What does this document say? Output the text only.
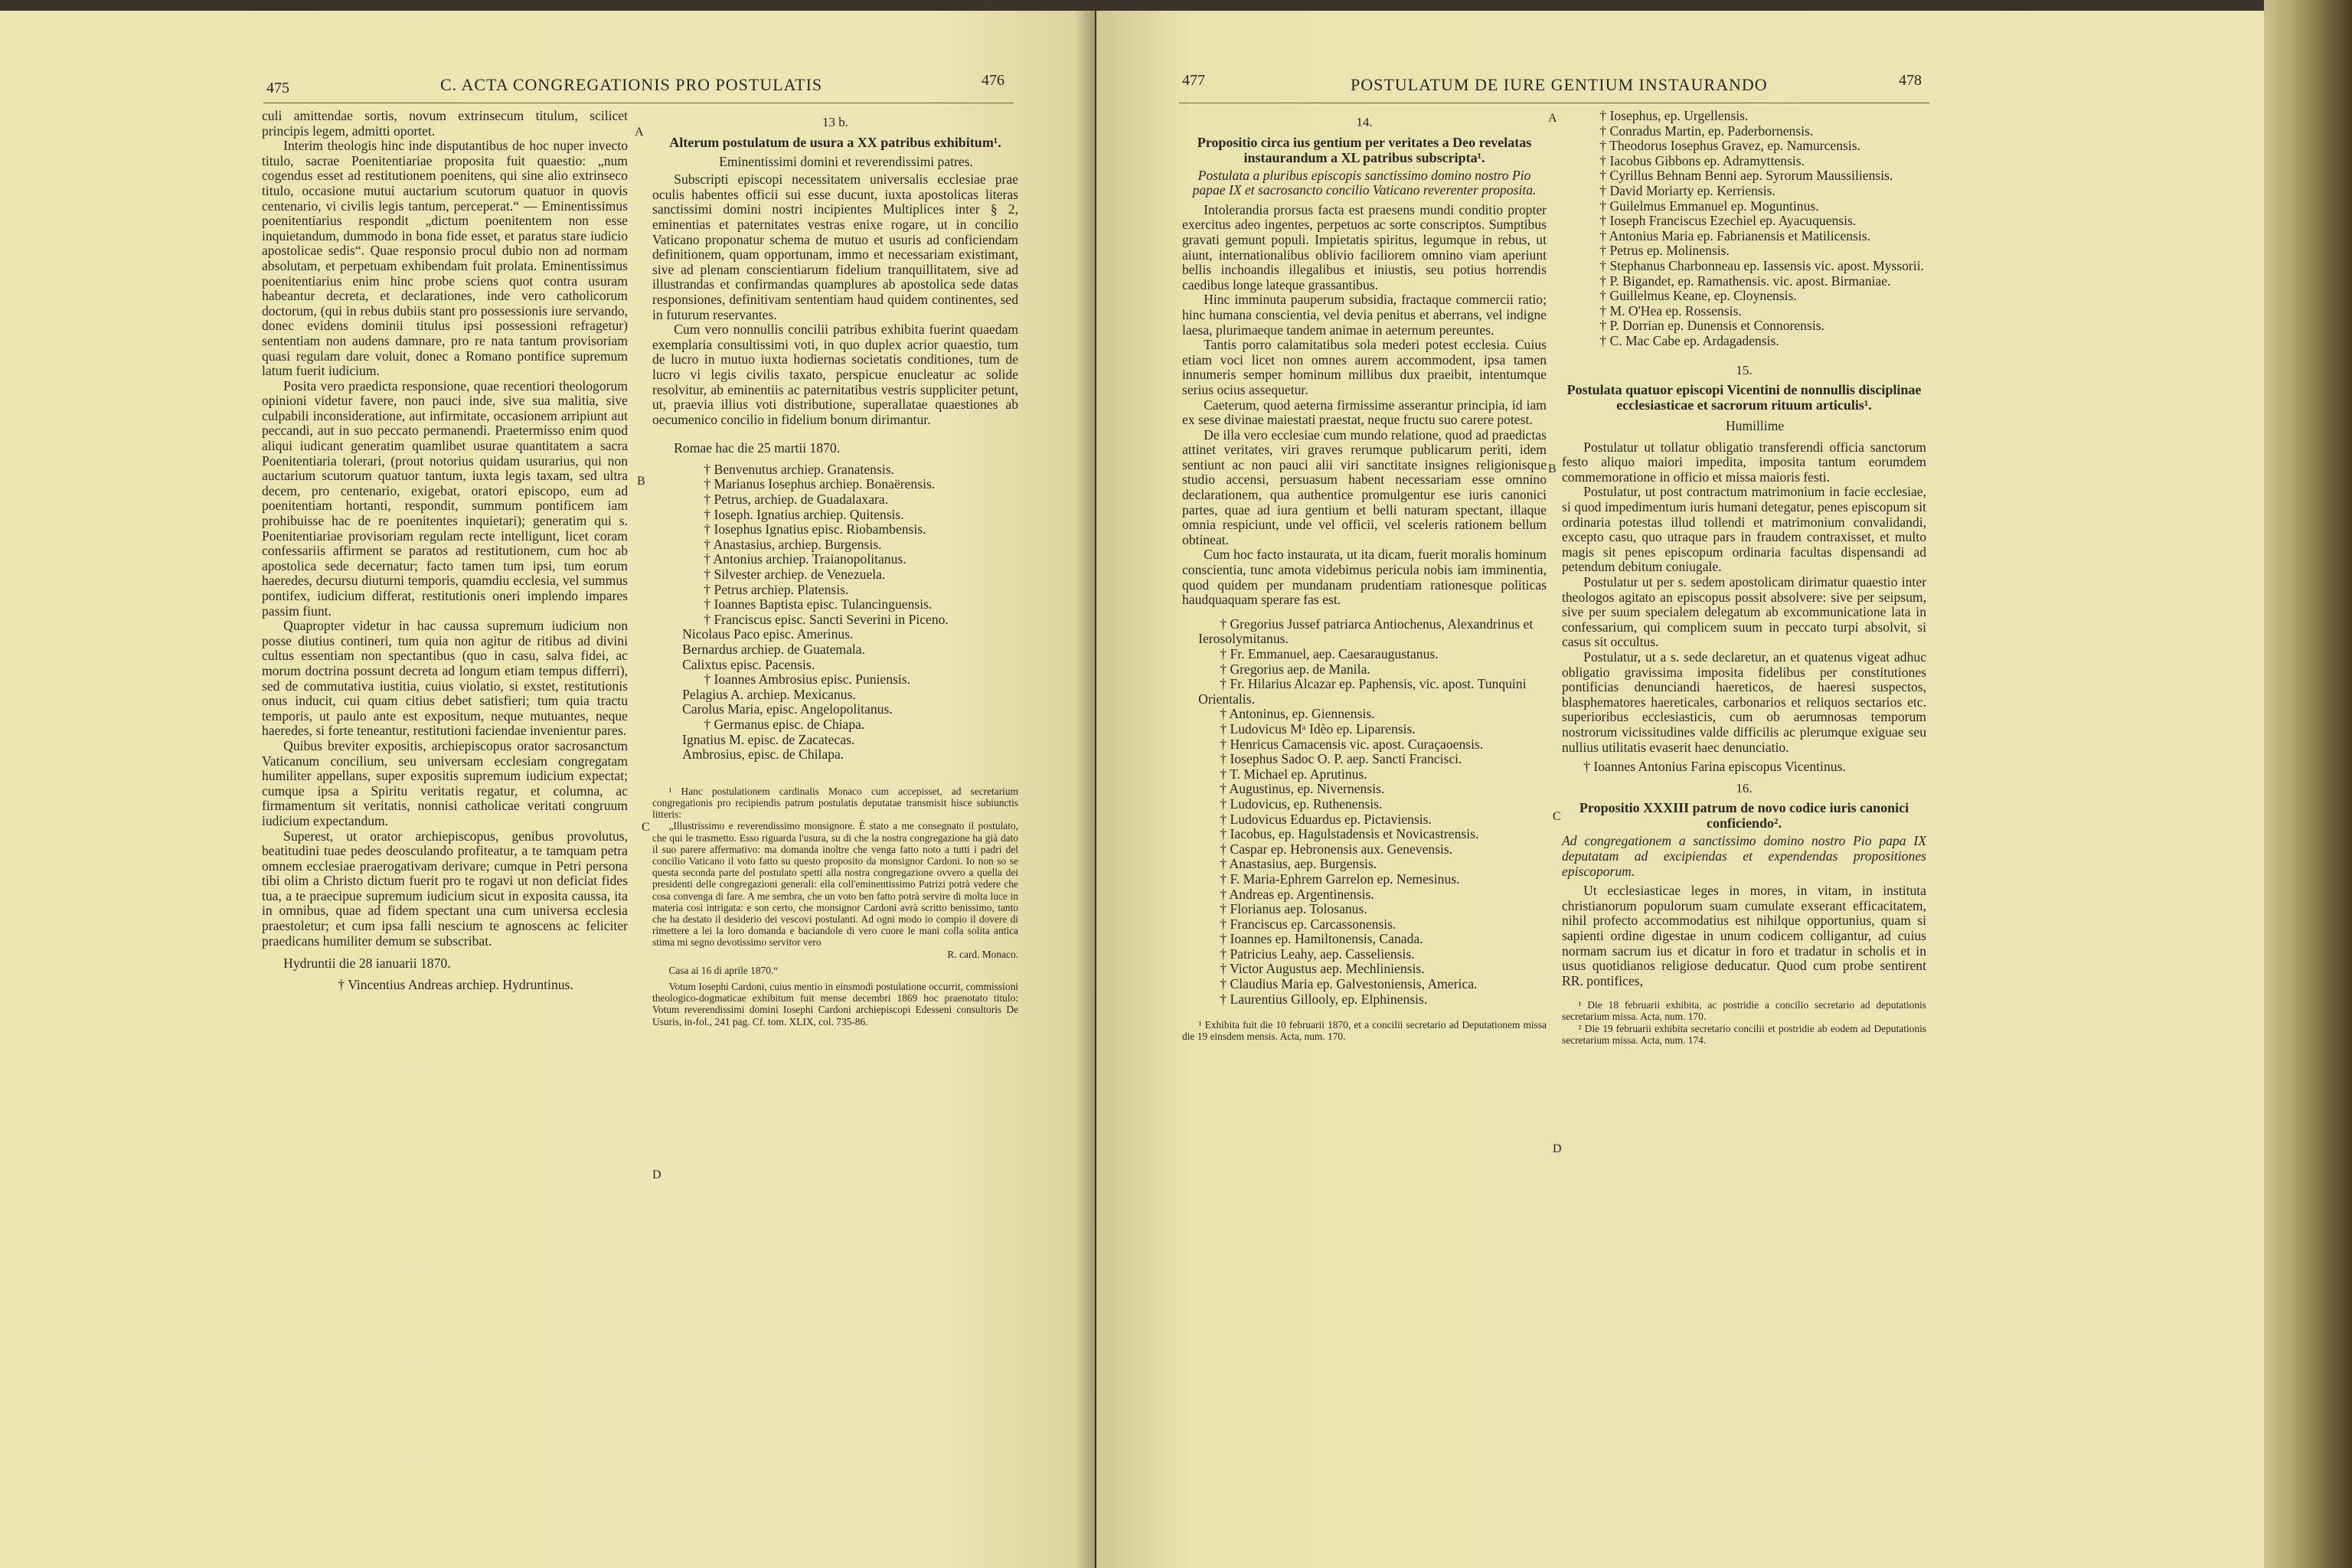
475	C. ACTA CONGREGATIONIS PRO POSTULATIS	476
A
B
C
D

culi amittendae sortis, novum extrinsecum titulum, scilicet principis legem, admitti oportet.

Interim theologis hinc inde disputantibus de hoc nuper invecto titulo, sacrae Poenitentiariae proposita fuit quaestio: „num cogendus esset ad restitutionem poenitens, qui sine alio extrinseco titulo, occasione mutui auctarium scutorum quatuor in quovis centenario, vi civilis legis tantum, perceperat.“ — Eminentissimus poenitentiarius respondit „dictum poenitentem non esse inquietandum, dummodo in bona fide esset, et paratus stare iudicio apostolicae sedis“. Quae responsio procul dubio non ad normam absolutam, et perpetuam exhibendam fuit prolata. Eminentissimus poenitentiarius enim hinc probe sciens quot contra usuram habeantur decreta, et declarationes, inde vero catholicorum doctorum, (qui in rebus dubiis stant pro possessionis iure servando, donec evidens dominii titulus ipsi possessioni refragetur) sententiam non audens damnare, pro re nata tantum provisoriam quasi regulam dare voluit, donec a Romano pontifice supremum latum fuerit iudicium.

Posita vero praedicta responsione, quae recentiori theologorum opinioni videtur favere, non pauci inde, sive sua malitia, sive culpabili inconsideratione, aut infirmitate, occasionem arripiunt aut peccandi, aut in suo peccato permanendi. Praetermisso enim quod aliqui iudicant generatim quamlibet usurae quantitatem a sacra Poenitentiaria tolerari, (prout notorius quidam usurarius, qui non auctarium scutorum quatuor tantum, iuxta legis taxam, sed ultra decem, pro centenario, exigebat, oratori episcopo, eum ad poenitentiam hortanti, respondit, summum pontificem iam prohibuisse hac de re poenitentes inquietari); generatim qui s. Poenitentiariae provisoriam regulam recte intelligunt, licet coram confessariis affirment se paratos ad restitutionem, cum hoc ab apostolica sede decernatur; facto tamen tum ipsi, tum eorum haeredes, decursu diuturni temporis, quamdiu ecclesia, vel summus pontifex, iudicium differat, restitutionis oneri implendo impares passim fiunt.

Quapropter videtur in hac caussa supremum iudicium non posse diutius contineri, tum quia non agitur de ritibus ad divini cultus essentiam non spectantibus (quo in casu, salva fidei, ac morum doctrina possunt decreta ad longum etiam tempus differri), sed de commutativa iustitia, cuius violatio, si exstet, restitutionis onus inducit, cui quam citius debet satisfieri; tum quia tractu temporis, ut paulo ante est expositum, neque mutuantes, neque haeredes, si forte teneantur, restitutioni faciendae invenientur pares.

Quibus breviter expositis, archiepiscopus orator sacrosanctum Vaticanum concilium, seu universam ecclesiam congregatam humiliter appellans, super expositis supremum iudicium expectat; cumque ipsa a Spiritu veritatis regatur, et columna, ac firmamentum sit veritatis, nonnisi catholicae veritati congruum iudicium expectandum.

Superest, ut orator archiepiscopus, genibus provolutus, beatitudini tuae pedes deosculando profiteatur, a te tamquam petra omnem ecclesiae praerogativam derivare; cumque in Petri persona tibi olim a Christo dictum fuerit pro te rogavi ut non deficiat fides tua, a te praecipue supremum iudicium sicut in exposita caussa, ita in omnibus, quae ad fidem spectant una cum universa ecclesia praestoletur; et cum ipsa falli nescium te agnoscens ac feliciter praedicans humiliter demum se subscribat.

Hydruntii die 28 ianuarii 1870.

† Vincentius Andreas archiep. Hydruntinus.

13 b.
Alterum postulatum de usura a XX patribus exhibitum¹.

Eminentissimi domini et reverendissimi patres.

Subscripti episcopi necessitatem universalis ecclesiae prae oculis habentes officii sui esse ducunt, iuxta apostolicas literas sanctissimi domini nostri incipientes Multiplices inter § 2, eminentias et paternitates vestras enixe rogare, ut in concilio Vaticano proponatur schema de mutuo et usuris ad conficiendam definitionem, quam opportunam, immo et necessariam existimant, sive ad plenam conscientiarum fidelium tranquillitatem, sive ad illustrandas et confirmandas quamplures ab apostolica sede datas responsiones, definitivam sententiam haud quidem continentes, sed in futurum reservantes.

Cum vero nonnullis concilii patribus exhibita fuerint quaedam exemplaria consultissimi voti, in quo duplex acrior quaestio, tum de lucro in mutuo iuxta hodiernas societatis conditiones, tum de lucro vi legis civilis taxato, perspicue enucleatur ac solide resolvitur, ab eminentiis ac paternitatibus vestris suppliciter petunt, ut, praevia illius voti distributione, superallatae quaestiones ab oecumenico concilio in fidelium bonum dirimantur.

Romae hac die 25 martii 1870.

† Benvenutus archiep. Granatensis.

† Marianus Iosephus archiep. Bonaërensis.

† Petrus, archiep. de Guadalaxara.

† Ioseph. Ignatius archiep. Quitensis.

† Iosephus Ignatius episc. Riobambensis.

† Anastasius, archiep. Burgensis.

† Antonius archiep. Traianopolitanus.

† Silvester archiep. de Venezuela.

† Petrus archiep. Platensis.

† Ioannes Baptista episc. Tulancinguensis.

† Franciscus episc. Sancti Severini in Piceno.

Nicolaus Paco episc. Amerinus.

Bernardus archiep. de Guatemala.

Calixtus episc. Pacensis.

† Ioannes Ambrosius episc. Puniensis.

Pelagius A. archiep. Mexicanus.

Carolus Maria, episc. Angelopolitanus.

† Germanus episc. de Chiapa.

Ignatius M. episc. de Zacatecas.

Ambrosius, episc. de Chilapa.

¹ Hanc postulationem cardinalis Monaco cum accepisset, ad secretarium congregationis pro recipiendis patrum postulatis deputatae transmisit hisce subiunctis litteris:

„Illustrissimo e reverendissimo monsignore. È stato a me consegnato il postulato, che qui le trasmetto. Esso riguarda l'usura, su di che la nostra congregazione ha già dato il suo parere affermativo: ma domanda inoltre che venga fatto noto a tutti i padri del concilio Vaticano il voto fatto su questo proposito da monsignor Cardoni. Io non so se questa seconda parte del postulato spetti alla nostra congregazione ovvero a quella dei presidenti delle congregazioni generali: ella coll'eminentissimo Patrizi potrà vedere che cosa convenga di fare. A me sembra, che un voto ben fatto potrà servire di molta luce in materia così intrigata: e son certo, che monsignor Cardoni avrà scritto benissimo, tanto che ha destato il desiderio dei vescovi postulanti. Ad ogni modo io compio il dovere di rimettere a lei la loro domanda e baciandole di vero cuore le mani colla solita antica stima mi segno devotissimo servitor vero

R. card. Monaco.

Casa ai 16 di aprile 1870.“

Votum Iosephi Cardoni, cuius mentio in einsmodi postulatione occurrit, commissioni theologico-dogmaticae exhibitum fuit mense decembri 1869 hoc praenotato titulo: Votum reverendissimi domini Iosephi Cardoni archiepiscopi Edesseni consultoris De Usuris, in-fol., 241 pag. Cf. tom. XLIX, col. 735-86.

477	POSTULATUM DE IURE GENTIUM INSTAURANDO	478
A
B
C
D
14.
Propositio circa ius gentium per veritates a Deo revelatas instaurandum a XL patribus subscripta¹.
Postulata a pluribus episcopis sanctissimo domino nostro Pio papae IX et sacrosancto concilio Vaticano reverenter proposita.

Intolerandia prorsus facta est praesens mundi conditio propter exercitus adeo ingentes, perpetuos ac sorte conscriptos. Sumptibus gravati gemunt populi. Impietatis spiritus, legumque in rebus, ut aiunt, internationalibus oblivio faciliorem omnino viam aperiunt bellis inchoandis illegalibus et iniustis, seu potius horrendis caedibus longe lateque grassantibus.

Hinc imminuta pauperum subsidia, fractaque commercii ratio; hinc humana conscientia, vel devia penitus et aberrans, vel indigne laesa, plurimaeque tandem animae in aeternum pereuntes.

Tantis porro calamitatibus sola mederi potest ecclesia. Cuius etiam voci licet non omnes aurem accommodent, ipsa tamen innumeris semper hominum millibus dux praeibit, intentumque serius ocius assequetur.

Caeterum, quod aeterna firmissime asserantur principia, id iam ex sese divinae maiestati praestat, neque fructu suo carere potest.

De illa vero ecclesiae cum mundo relatione, quod ad praedictas attinet veritates, viri graves rerumque publicarum periti, idem sentiunt ac non pauci alii viri sanctitate insignes religionisque studio accensi, persuasum habent necessariam esse omnino declarationem, qua authentice promulgentur ese iuris canonici partes, quae ad iura gentium et belli naturam spectant, illaque omnia respiciunt, unde vel officii, vel sceleris rationem bellum obtineat.

Cum hoc facto instaurata, ut ita dicam, fuerit moralis hominum conscientia, tunc amota videbimus pericula nobis iam imminentia, quod quidem per mundanam prudentiam rationesque politicas haudquaquam sperare fas est.

† Gregorius Jussef patriarca Antiochenus, Alexandrinus et Ierosolymitanus.

† Fr. Emmanuel, aep. Caesaraugustanus.

† Gregorius aep. de Manila.

† Fr. Hilarius Alcazar ep. Paphensis, vic. apost. Tunquini Orientalis.

† Antoninus, ep. Giennensis.

† Ludovicus Mᵃ Idèo ep. Liparensis.

† Henricus Camacensis vic. apost. Curaçaoensis.

† Iosephus Sadoc O. P. aep. Sancti Francisci.

† T. Michael ep. Aprutinus.

† Augustinus, ep. Nivernensis.

† Ludovicus, ep. Ruthenensis.

† Ludovicus Eduardus ep. Pictaviensis.

† Iacobus, ep. Hagulstadensis et Novicastrensis.

† Caspar ep. Hebronensis aux. Genevensis.

† Anastasius, aep. Burgensis.

† F. Maria-Ephrem Garrelon ep. Nemesinus.

† Andreas ep. Argentinensis.

† Florianus aep. Tolosanus.

† Franciscus ep. Carcassonensis.

† Ioannes ep. Hamiltonensis, Canada.

† Patricius Leahy, aep. Casseliensis.

† Victor Augustus aep. Mechliniensis.

† Claudius Maria ep. Galvestoniensis, America.

† Laurentius Gillooly, ep. Elphinensis.

¹ Exhibita fuit die 10 februarii 1870, et a concilii secretario ad Deputationem missa die 19 einsdem mensis. Acta, num. 170.

† Iosephus, ep. Urgellensis.

† Conradus Martin, ep. Paderbornensis.

† Theodorus Iosephus Gravez, ep. Namurcensis.

† Iacobus Gibbons ep. Adramyttensis.

† Cyrillus Behnam Benni aep. Syrorum Maussiliensis.

† David Moriarty ep. Kerriensis.

† Guilelmus Emmanuel ep. Moguntinus.

† Ioseph Franciscus Ezechiel ep. Ayacuquensis.

† Antonius Maria ep. Fabrianensis et Matilicensis.

† Petrus ep. Molinensis.

† Stephanus Charbonneau ep. Iassensis vic. apost. Myssorii.

† P. Bigandet, ep. Ramathensis. vic. apost. Birmaniae.

† Guillelmus Keane, ep. Cloynensis.

† M. O'Hea ep. Rossensis.

† P. Dorrian ep. Dunensis et Connorensis.

† C. Mac Cabe ep. Ardagadensis.

15.
Postulata quatuor episcopi Vicentini de nonnullis disciplinae ecclesiasticae et sacrorum rituum articulis¹.

Humillime

Postulatur ut tollatur obligatio transferendi officia sanctorum festo aliquo maiori impedita, imposita tantum eorumdem commemoratione in officio et missa maioris festi.

Postulatur, ut post contractum matrimonium in facie ecclesiae, si quod impedimentum iuris humani detegatur, penes episcopum sit ordinaria potestas illud tollendi et matrimonium convalidandi, excepto casu, quo utraque pars in fraudem contraxisset, et multo magis sit penes episcopum ordinaria facultas dispensandi ad petendum debitum coniugale.

Postulatur ut per s. sedem apostolicam dirimatur quaestio inter theologos agitato an episcopus possit absolvere: sive per seipsum, sive per suum specialem delegatum ab excommunicatione lata in confessarium, qui complicem suum in peccato turpi absolvit, si casus sit occultus.

Postulatur, ut a s. sede declaretur, an et quatenus vigeat adhuc obligatio gravissima imposita fidelibus per constitutiones pontificias denunciandi haereticos, de haeresi suspectos, blasphematores haereticales, carbonarios et reliquos sectarios etc. superioribus ecclesiasticis, cum ob aerumnosas temporum nostrorum vicissitudines valde difficilis ac plerumque exiguae seu nullius utilitatis evaserit haec denunciatio.

† Ioannes Antonius Farina episcopus Vicentinus.

16.
Propositio XXXIII patrum de novo codice iuris canonici conficiendo².
Ad congregationem a sanctissimo domino nostro Pio papa IX deputatam ad excipiendas et expendendas propositiones episcoporum.

Ut ecclesiasticae leges in mores, in vitam, in instituta christianorum populorum suam cumulate exserant efficacitatem, nihil profecto accommodatius est nihilque opportunius, quam si sapienti ordine digestae in unum codicem colligantur, ad cuius normam sacrum ius et dicatur in foro et tradatur in scholis et in usus quotidianos religiose deducatur. Quod cum probe sentirent RR. pontifices,

¹ Die 18 februarii exhibita, ac postridie a concilio secretario ad deputationis secretarium missa. Acta, num. 170.

² Die 19 februarii exhibita secretario concilii et postridie ab eodem ad Deputationis secretarium missa. Acta, num. 174.
